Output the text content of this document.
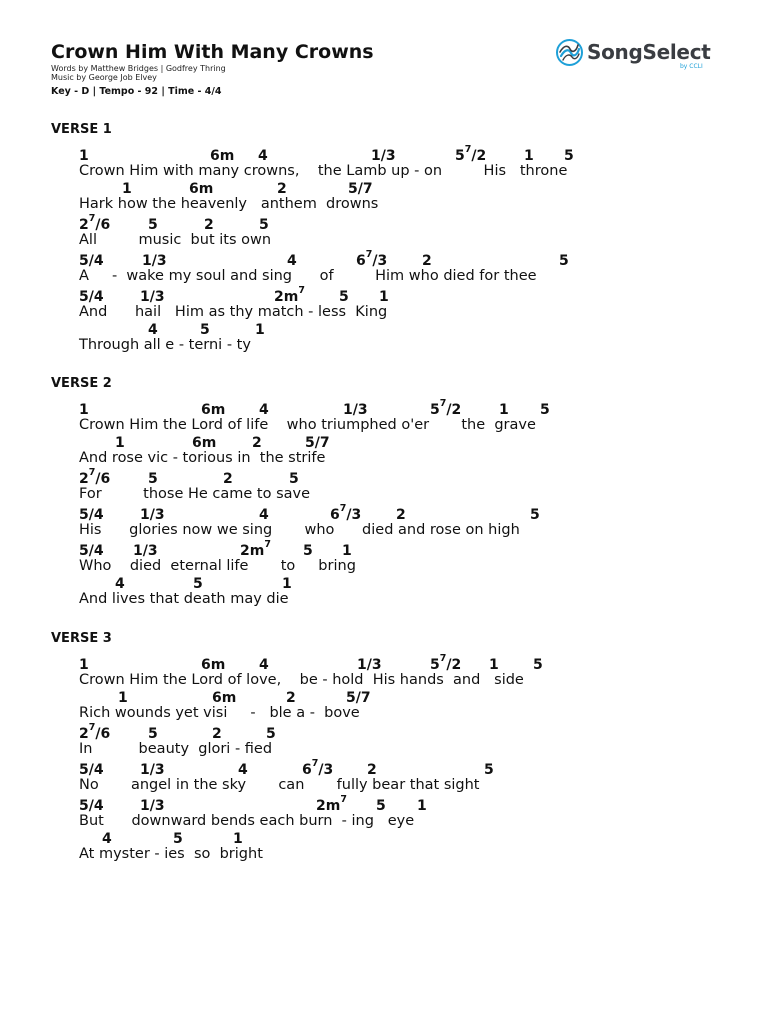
Crown Him With Many Crowns
Words by Matthew Bridges | Godfrey Thring
Music by George Job Elvey
Key - D | Tempo - 92 | Time - 4/4
SongSelect
by CCLI
VERSE 1
1	6m 4	1/3	$5^7/2$	1 5
Crown Him with many crowns,    the Lamb up - on         His   throne
1	6m	2	5/7
Hark how the heavenly   anthem  drowns
$2^7/6$	5	2	5
All         music  but its own
5/4	1/3	4	$6^7/3$ 2	5
A     -  wake my soul and sing      of         Him who died for thee
5/4	1/3	$2m^7$ 5 1
And      hail   Him as thy match - less  King
4	5	1
Through all e - terni - ty
VERSE 2
1	6m 4	1/3	$5^7/2$	1 5
Crown Him the Lord of life    who triumphed o'er       the  grave
1	6m	2	5/7
And rose vic - torious in  the strife
$2^7/6$	5	2	5
For         those He came to save
5/4	1/3	4	$6^7/3$ 2	5
His      glories now we sing       who      died and rose on high
5/4 1/3	$2m^7$ 5 1
Who    died  eternal life       to     bring
4	5	1
And lives that death may die
VERSE 3
1	6m 4	1/3	$5^7/2$ 1 5
Crown Him the Lord of love,    be - hold  His hands  and   side
1	6m	2	5/7
Rich wounds yet visi     -   ble a -  bove
$2^7/6$	5	2	5
In          beauty  glori - fied
5/4	1/3	4	$6^7/3$ 2	5
No       angel in the sky       can       fully bear that sight
5/4	1/3	$2m^7$ 5 1
But      downward bends each burn  - ing   eye
4	5	1
At myster - ies  so  bright
